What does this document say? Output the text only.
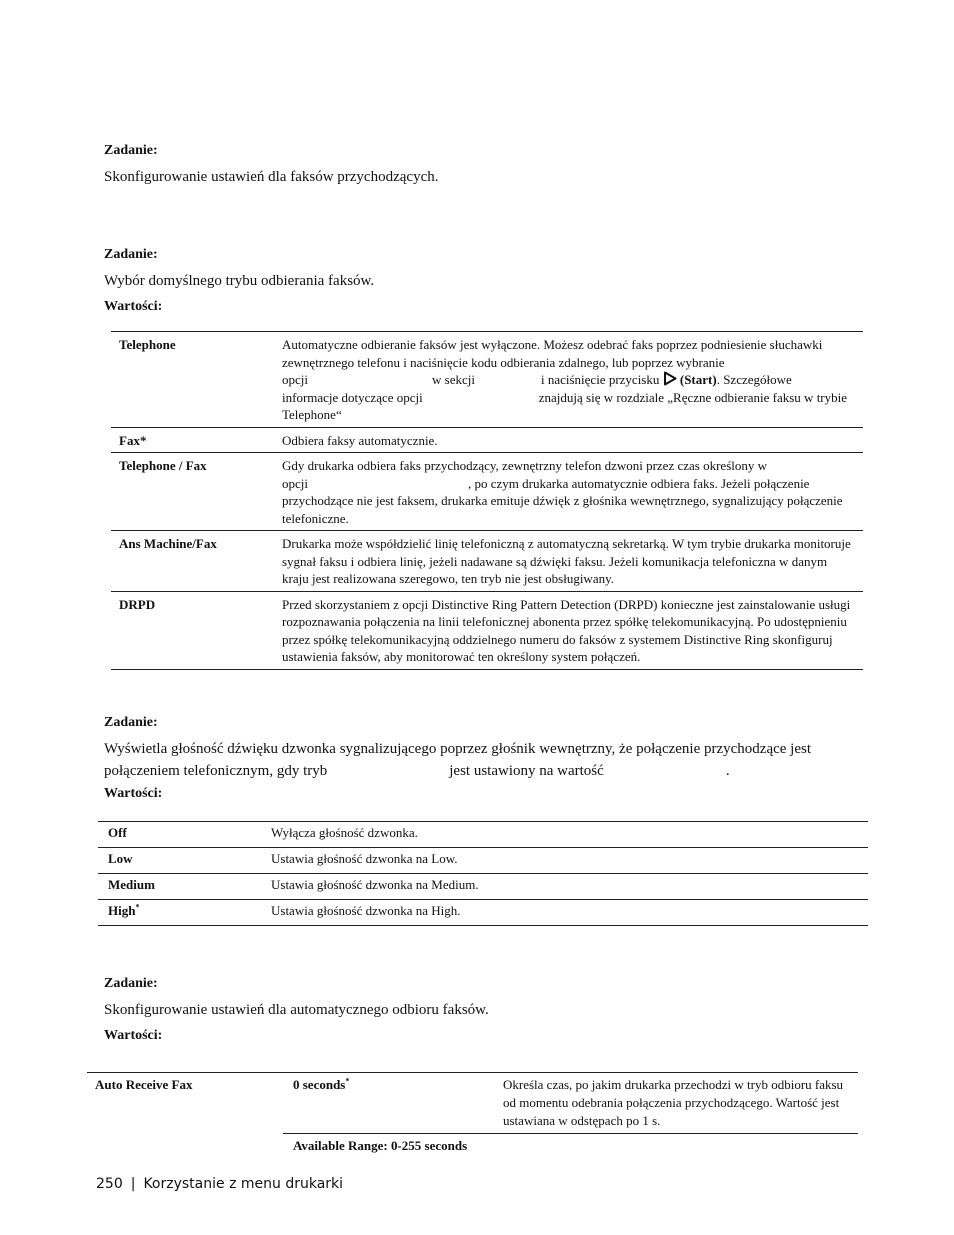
Zadanie:

Skonfigurowanie ustawień dla faksów przychodzących.

Zadanie:

Wybór domyślnego trybu odbierania faksów.

Wartości:

Telephone	Automatyczne odbieranie faksów jest wyłączone. Możesz odebrać faks poprzez podniesienie słuchawki zewnętrznego telefonu i naciśnięcie kodu odbierania zdalnego, lub poprzez wybranie
opcji w sekcji i naciśnięcie przycisku (Start). Szczegółowe
informacje dotyczące opcji znajdują się w rozdziale „Ręczne odbieranie faksu w trybie Telephone“
Fax*	Odbiera faksy automatycznie.
Telephone / Fax	Gdy drukarka odbiera faks przychodzący, zewnętrzny telefon dzwoni przez czas określony w
opcji , po czym drukarka automatycznie odbiera faks. Jeżeli połączenie przychodzące nie jest faksem, drukarka emituje dźwięk z głośnika wewnętrznego, sygnalizujący połączenie telefoniczne.
Ans Machine/Fax	Drukarka może współdzielić linię telefoniczną z automatyczną sekretarką. W tym trybie drukarka monitoruje sygnał faksu i odbiera linię, jeżeli nadawane są dźwięki faksu. Jeżeli komunikacja telefoniczna w danym kraju jest realizowana szeregowo, ten tryb nie jest obsługiwany.
DRPD	Przed skorzystaniem z opcji Distinctive Ring Pattern Detection (DRPD) konieczne jest zainstalowanie usługi rozpoznawania połączenia na linii telefonicznej abonenta przez spółkę telekomunikacyjną. Po udostępnieniu przez spółkę telekomunikacyjną oddzielnego numeru do faksów z systemem Distinctive Ring skonfiguruj ustawienia faksów, aby monitorować ten określony system połączeń.

Zadanie:

Wyświetla głośność dźwięku dzwonka sygnalizującego poprzez głośnik wewnętrzny, że połączenie przychodzące jest połączeniem telefonicznym, gdy tryb	jest ustawiony na wartość	.

Wartości:

Off	Wyłącza głośność dzwonka.
Low	Ustawia głośność dzwonka na Low.
Medium	Ustawia głośność dzwonka na Medium.
High*	Ustawia głośność dzwonka na High.

Zadanie:

Skonfigurowanie ustawień dla automatycznego odbioru faksów.

Wartości:

Auto Receive Fax	0 seconds*	Określa czas, po jakim drukarka przechodzi w tryb odbioru faksu od momentu odebrania połączenia przychodzącego. Wartość jest ustawiana w odstępach po 1 s.
Available Range: 0-255 seconds
250 | Korzystanie z menu drukarki
